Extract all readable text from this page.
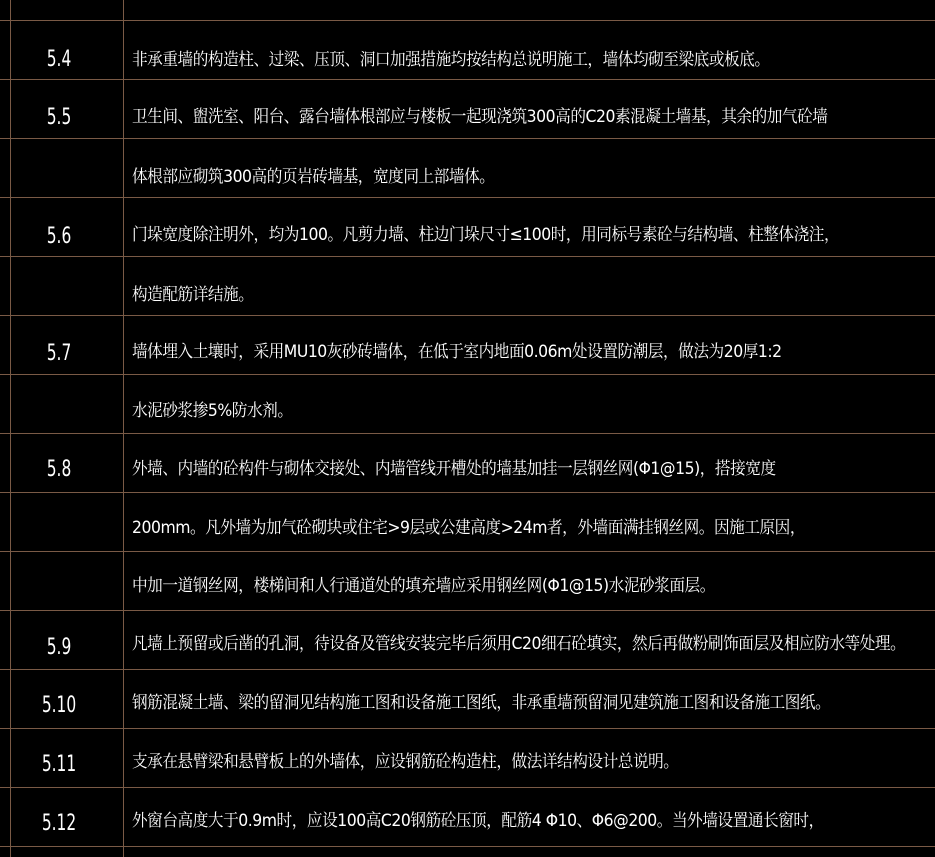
5.4	非承重墙的构造柱、过梁、压顶、洞口加强措施均按结构总说明施工，墙体均砌至梁底或板底。
5.5	卫生间、盥洗室、阳台、露台墙体根部应与楼板一起现浇筑300高的C20素混凝土墙基，其余的加气砼墙
体根部应砌筑300高的页岩砖墙基，宽度同上部墙体。
5.6	门垛宽度除注明外，均为100。凡剪力墙、柱边门垛尺寸≤100时，用同标号素砼与结构墙、柱整体浇注，
构造配筋详结施。
5.7	墙体埋入土壤时，采用MU10灰砂砖墙体，在低于室内地面0.06m处设置防潮层，做法为20厚1:2
水泥砂浆掺5%防水剂。
5.8	外墙、内墙的砼构件与砌体交接处、内墙管线开槽处的墙基加挂一层钢丝网(Φ1@15)，搭接宽度
200mm。凡外墙为加气砼砌块或住宅>9层或公建高度>24m者，外墙面满挂钢丝网。因施工原因，
中加一道钢丝网，楼梯间和人行通道处的填充墙应采用钢丝网(Φ1@15)水泥砂浆面层。
5.9	凡墙上预留或后凿的孔洞，待设备及管线安装完毕后须用C20细石砼填实，然后再做粉刷饰面层及相应防水等处理。
5.10	钢筋混凝土墙、梁的留洞见结构施工图和设备施工图纸，非承重墙预留洞见建筑施工图和设备施工图纸。
5.11	支承在悬臂梁和悬臂板上的外墙体，应设钢筋砼构造柱，做法详结构设计总说明。
5.12	外窗台高度大于0.9m时，应设100高C20钢筋砼压顶，配筋4 Φ10、Φ6@200。当外墙设置通长窗时，
